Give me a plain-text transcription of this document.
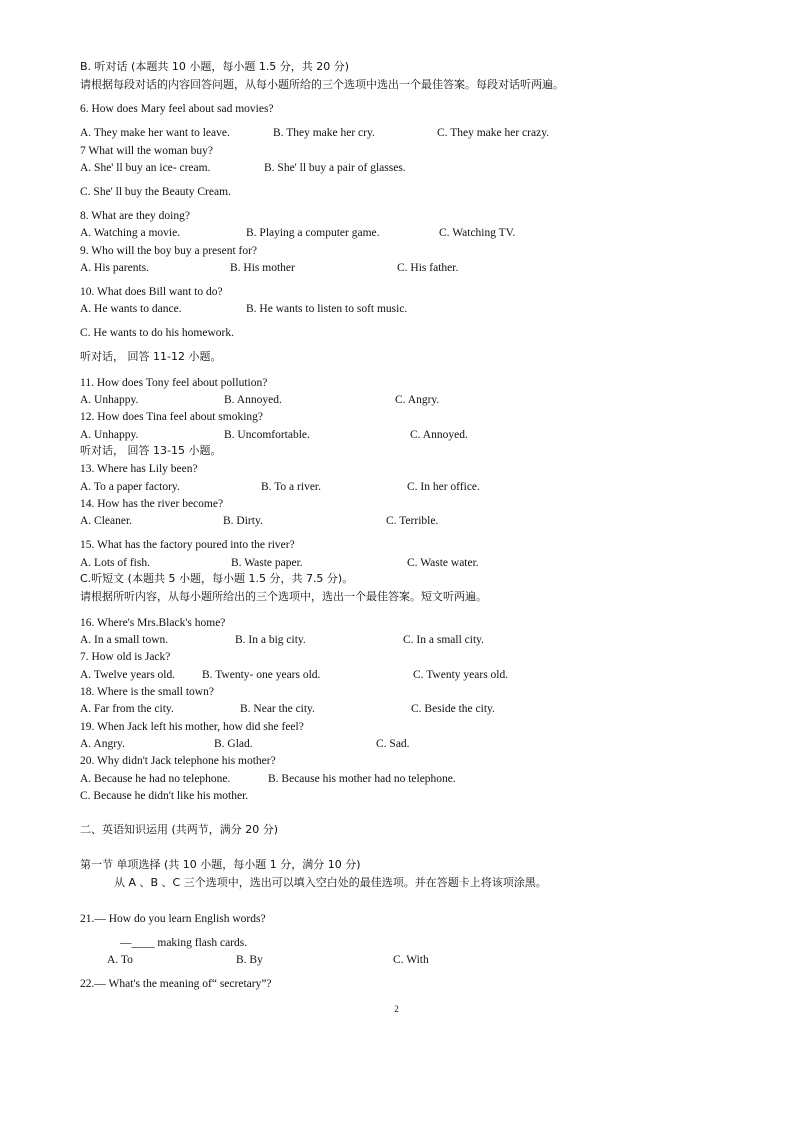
B. 听对话 (本题共 10 小题，每小题 1.5 分，共 20 分)
请根据每段对话的内容回答问题，从每小题所给的三个选项中选出一个最佳答案。每段对话听两遍。
6. How does Mary feel about sad movies?
A. They make her want to leave.	B. They make her cry.	C. They make her crazy.
7 What will the woman buy?
A. She' ll buy an ice- cream.	B. She' ll buy a pair of glasses.
C. She' ll buy the Beauty Cream.
8. What are they doing?
A. Watching a movie.	B. Playing a computer game.	C. Watching TV.
9. Who will the boy buy a present for?
A. His parents.	B. His mother	C. His father.
10. What does Bill want to do?
A. He wants to dance.	B. He wants to listen to soft music.
C. He wants to do his homework.
听对话， 回答 11-12 小题。
11. How does Tony feel about pollution?
A. Unhappy.	B. Annoyed.	C. Angry.
12. How does Tina feel about smoking?
A. Unhappy.	B. Uncomfortable.	C. Annoyed.
听对话， 回答 13-15 小题。
13. Where has Lily been?
A. To a paper factory.	B. To a river.	C. In her office.
14. How has the river become?
A. Cleaner.	B. Dirty.	C. Terrible.
15. What has the factory poured into the river?
A. Lots of fish.	B. Waste paper.	C. Waste water.
C.听短文 (本题共 5 小题，每小题 1.5 分，共 7.5 分)。
请根据所听内容，从每小题所给出的三个选项中，选出一个最佳答案。短文听两遍。
16. Where's Mrs.Black's home?
A. In a small town.	B. In a big city.	C. In a small city.
7. How old is Jack?
A. Twelve years old. B. Twenty- one years old.	C. Twenty years old.
18. Where is the small town?
A. Far from the city.	B. Near the city.	C. Beside the city.
19. When Jack left his mother, how did she feel?
A. Angry.	B. Glad.	C. Sad.
20. Why didn't Jack telephone his mother?
A. Because he had no telephone.	B. Because his mother had no telephone.
C. Because he didn't like his mother.
二、英语知识运用 (共两节，满分 20 分)
第一节 单项选择 (共 10 小题，每小题 1 分，满分 10 分)
从 A 、B 、C 三个选项中，选出可以填入空白处的最佳选项。并在答题卡上将该项涂黑。
21.— How do you learn English words?
—____ making flash cards.
A. To	B. By	C. With
22.— What's the meaning of“ secretary”?
2
